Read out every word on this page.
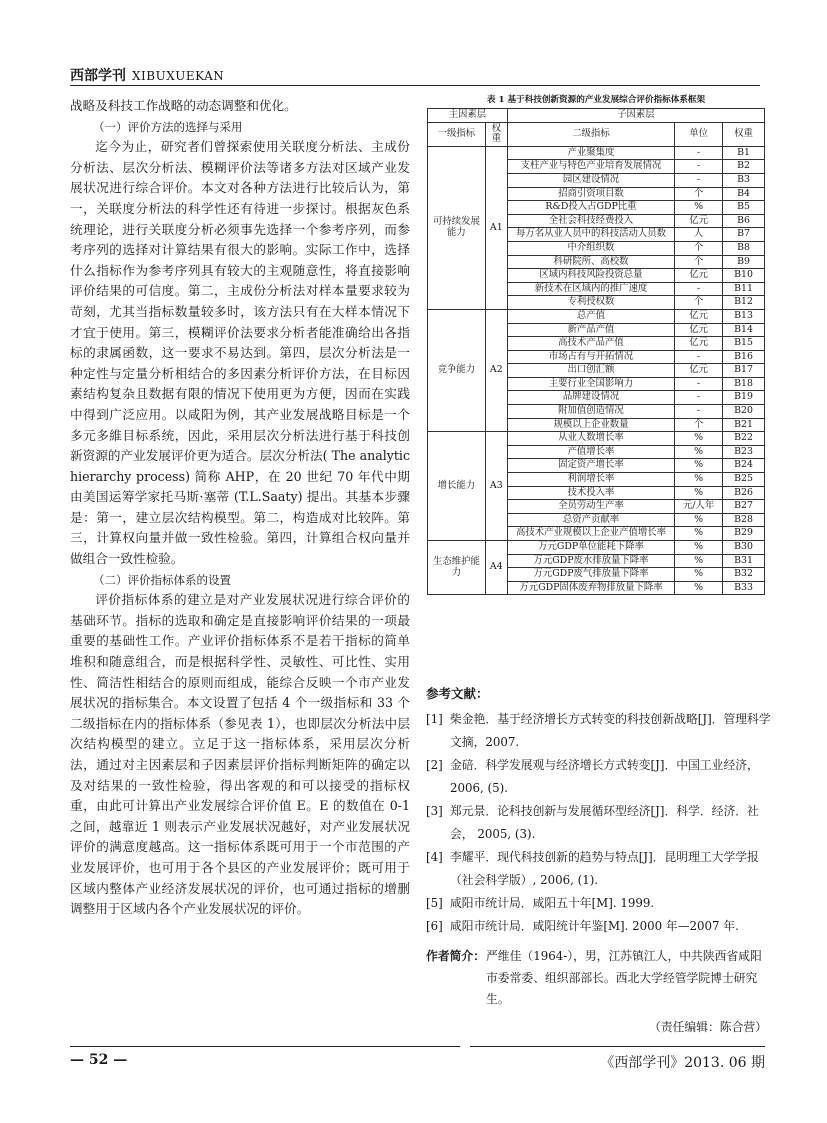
西部学刊 XIBUXUEKAN

战略及科技工作战略的动态调整和优化。

（一）评价方法的选择与采用

迄今为止，研究者们曾探索使用关联度分析法、主成份分析法、层次分析法、模糊评价法等诸多方法对区域产业发展状况进行综合评价。本文对各种方法进行比较后认为，第一，关联度分析法的科学性还有待进一步探讨。根据灰色系统理论，进行关联度分析必须事先选择一个参考序列，而参考序列的选择对计算结果有很大的影响。实际工作中，选择什么指标作为参考序列具有较大的主观随意性，将直接影响评价结果的可信度。第二，主成份分析法对样本量要求较为苛刻，尤其当指标数量较多时，该方法只有在大样本情况下才宜于使用。第三，模糊评价法要求分析者能准确给出各指标的隶属函数，这一要求不易达到。第四，层次分析法是一种定性与定量分析相结合的多因素分析评价方法，在目标因素结构复杂且数据有限的情况下使用更为方便，因而在实践中得到广泛应用。以咸阳为例，其产业发展战略目标是一个多元多維目标系统，因此，采用层次分析法进行基于科技创新资源的产业发展评价更为适合。层次分析法( The analytic hierarchy process) 简称 AHP，在 20 世纪 70 年代中期由美国运筹学家托马斯·塞蒂 (T.L.Saaty) 提出。其基本步骤是：第一，建立层次结构模型。第二，构造成对比较阵。第三，计算权向量并做一致性检验。第四，计算组合权向量并做组合一致性检验。

（二）评价指标体系的设置

评价指标体系的建立是对产业发展状况进行综合评价的基础环节。指标的选取和确定是直接影响评价结果的一项最重要的基础性工作。产业评价指标体系不是若干指标的简单堆积和随意组合，而是根据科学性、灵敏性、可比性、实用性、简洁性相结合的原则而组成，能综合反映一个市产业发展状况的指标集合。本文设置了包括 4 个一级指标和 33 个二级指标在内的指标体系（参见表 1），也即层次分析法中层次结构模型的建立。立足于这一指标体系，采用层次分析法，通过对主因素层和子因素层评价指标判断矩阵的确定以及对结果的一致性检验，得出客观的和可以接受的指标权重，由此可计算出产业发展综合评价值 E。E 的数值在 0-1 之间，越靠近 1 则表示产业发展状况越好，对产业发展状况评价的满意度越高。这一指标体系既可用于一个市范围的产业发展评价，也可用于各个县区的产业发展评价；既可用于区域内整体产业经济发展状况的评价，也可通过指标的增删调整用于区域内各个产业发展状况的评价。

表 1 基于科技创新资源的产业发展综合评价指标体系框架
主因素层		子因素层		
一级指标	权重	二级指标	单位	权重
可持续发展能力	A1	产业聚集度	-	B1
		支柱产业与特色产业培育发展情况	-	B2
		园区建设情况	-	B3
		招商引资项目数	个	B4
		R&D投入占GDP比重	%	B5
		全社会科技经费投入	亿元	B6
		每万名从业人员中的科技活动人员数	人	B7
		中介组织数	个	B8
		科研院所、高校数	个	B9
		区域内科技风险投资总量	亿元	B10
		新技术在区域内的推广速度	-	B11
		专利授权数	个	B12
竞争能力	A2	总产值	亿元	B13
		新产品产值	亿元	B14
		高技术产品产值	亿元	B15
		市场占有与开拓情况	-	B16
		出口创汇额	亿元	B17
		主要行业全国影响力	-	B18
		品牌建设情况	-	B19
		附加值创造情况	-	B20
		规模以上企业数量	个	B21
增长能力	A3	从业人数增长率	%	B22
		产值增长率	%	B23
		固定资产增长率	%	B24
		利润增长率	%	B25
		技术投入率	%	B26
		全员劳动生产率	元/人年	B27
		总资产贡献率	%	B28
		高技术产业规模以上企业产值增长率	%	B29
生态维护能力	A4	万元GDP单位能耗下降率	%	B30
		万元GDP废水排放量下降率	%	B31
		万元GDP废气排放量下降率	%	B32
		万元GDP固体废弃物排放量下降率	%	B33
参考文献：
[1] 柴金艳．基于经济增长方式转变的科技创新战略[J]．管理科学文摘，2007.
[2] 金碚．科学发展观与经济增长方式转变[J]．中国工业经济， 2006, (5).
[3] 郑元景．论科技创新与发展循环型经济[J]．科学．经济．社会， 2005, (3).
[4] 李耀平．现代科技创新的趋势与特点[J]．昆明理工大学学报（社会科学版）, 2006, (1).
[5] 咸阳市统计局．咸阳五十年[M]. 1999.
[6] 咸阳市统计局．咸阳统计年鉴[M]. 2000 年—2007 年.
作者简介： 严维佳（1964-），男，江苏镇江人，中共陕西省咸阳市委常委、组织部部长。西北大学经管学院博士研究生。
（责任编辑：陈合营）
— 52 —	《西部学刊》2013. 06 期
